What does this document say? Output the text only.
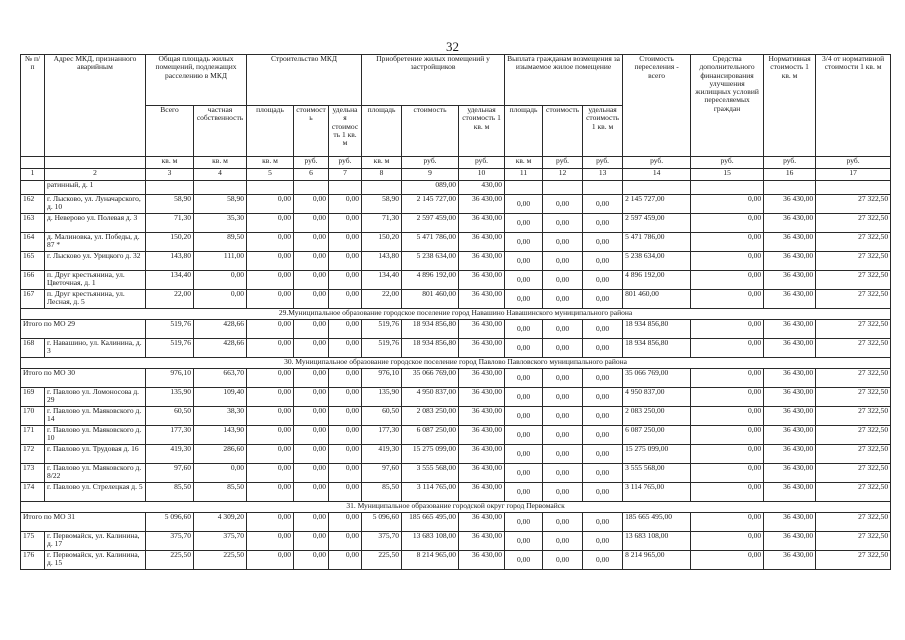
32
№ п/п	Адрес МКД, признанного аварийным	Общая площадь жилых помещений, подлежащих расселению в МКД		Строительство МКД			Приобретение жилых помещений у застройщиков			Выплата гражданам возмещения за изымаемое жилое помещение			Стоимость переселения - всего	Средства дополнительного финансирования улучшения жилищных условий переселяемых граждан	Нормативная стоимость 1 кв. м	3/4 от нормативной стоимости 1 кв. м
		Всего	частная собственность	площадь	стоимость	удельная стоимость 1 кв. м	площадь	стоимость	удельная стоимость 1 кв. м	площадь	стоимость	удельная стоимость 1 кв. м				
		кв. м	кв. м	кв. м	руб.	руб.	кв. м	руб.	руб.	кв. м	руб.	руб.	руб.	руб.	руб.	руб.
1	2	3	4	5	6	7	8	9	10	11	12	13	14	15	16	17
	ратинный, д. 1							089,00	430,00							
162	г. Лысково, ул. Луначарского, д. 10	58,90	58,90	0,00	0,00	0,00	58,90	2 145 727,00	36 430,00	0,00	0,00	0,00	2 145 727,00	0,00	36 430,00	27 322,50
163	д. Неверово ул. Полевая д. 3	71,30	35,30	0,00	0,00	0,00	71,30	2 597 459,00	36 430,00	0,00	0,00	0,00	2 597 459,00	0,00	36 430,00	27 322,50
164	д. Малиновка, ул. Победы, д. 87 *	150,20	89,50	0,00	0,00	0,00	150,20	5 471 786,00	36 430,00	0,00	0,00	0,00	5 471 786,00	0,00	36 430,00	27 322,50
165	г. Лысково ул. Урицкого д. 32	143,80	111,00	0,00	0,00	0,00	143,80	5 238 634,00	36 430,00	0,00	0,00	0,00	5 238 634,00	0,00	36 430,00	27 322,50
166	п. Друг крестьянина, ул. Цветочная, д. 1	134,40	0,00	0,00	0,00	0,00	134,40	4 896 192,00	36 430,00	0,00	0,00	0,00	4 896 192,00	0,00	36 430,00	27 322,50
167	п. Друг крестьянина, ул. Лесная, д. 5	22,00	0,00	0,00	0,00	0,00	22,00	801 460,00	36 430,00	0,00	0,00	0,00	801 460,00	0,00	36 430,00	27 322,50
29.Муниципальное образование городское поселение город Навашино Навашинского муниципального района																
Итого по МО 29		519,76	428,66	0,00	0,00	0,00	519,76	18 934 856,80	36 430,00	0,00	0,00	0,00	18 934 856,80	0,00	36 430,00	27 322,50
168	г. Навашино, ул. Калинина, д. 3	519,76	428,66	0,00	0,00	0,00	519,76	18 934 856,80	36 430,00	0,00	0,00	0,00	18 934 856,80	0,00	36 430,00	27 322,50
30. Муниципальное образование городское поселение город Павлово Павловского муниципального района																
Итого по МО 30		976,10	663,70	0,00	0,00	0,00	976,10	35 066 769,00	36 430,00	0,00	0,00	0,00	35 066 769,00	0,00	36 430,00	27 322,50
169	г. Павлово ул. Ломоносова д. 29	135,90	109,40	0,00	0,00	0,00	135,90	4 950 837,00	36 430,00	0,00	0,00	0,00	4 950 837,00	0,00	36 430,00	27 322,50
170	г. Павлово ул. Маяковского д. 14	60,50	38,30	0,00	0,00	0,00	60,50	2 083 250,00	36 430,00	0,00	0,00	0,00	2 083 250,00	0,00	36 430,00	27 322,50
171	г. Павлово ул. Маяковского д. 10	177,30	143,90	0,00	0,00	0,00	177,30	6 087 250,00	36 430,00	0,00	0,00	0,00	6 087 250,00	0,00	36 430,00	27 322,50
172	г. Павлово ул. Трудовая д. 16	419,30	286,60	0,00	0,00	0,00	419,30	15 275 099,00	36 430,00	0,00	0,00	0,00	15 275 099,00	0,00	36 430,00	27 322,50
173	г. Павлово ул. Маяковского д. 8/22	97,60	0,00	0,00	0,00	0,00	97,60	3 555 568,00	36 430,00	0,00	0,00	0,00	3 555 568,00	0,00	36 430,00	27 322,50
174	г. Павлово ул. Стрелецкая д. 5	85,50	85,50	0,00	0,00	0,00	85,50	3 114 765,00	36 430,00	0,00	0,00	0,00	3 114 765,00	0,00	36 430,00	27 322,50
31. Муниципальное образование городской округ город Первомайск																
Итого по МО 31		5 096,60	4 309,20	0,00	0,00	0,00	5 096,60	185 665 495,00	36 430,00	0,00	0,00	0,00	185 665 495,00	0,00	36 430,00	27 322,50
175	г. Первомайск, ул. Калинина, д. 17	375,70	375,70	0,00	0,00	0,00	375,70	13 683 108,00	36 430,00	0,00	0,00	0,00	13 683 108,00	0,00	36 430,00	27 322,50
176	г. Первомайск, ул. Калинина, д. 15	225,50	225,50	0,00	0,00	0,00	225,50	8 214 965,00	36 430,00	0,00	0,00	0,00	8 214 965,00	0,00	36 430,00	27 322,50
